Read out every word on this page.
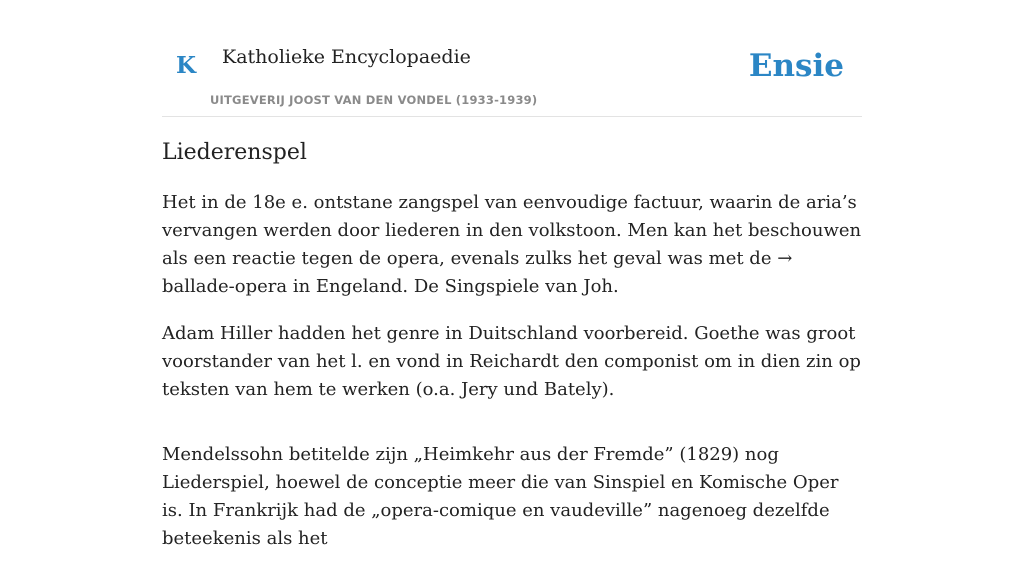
K Katholieke Encyclopaedie
UITGEVERIJ JOOST VAN DEN VONDEL (1933-1939)
Ensie
Liederenspel

Het in de 18e e. ontstane zangspel van eenvoudige factuur, waarin de aria’s vervangen werden door liederen in den volkstoon. Men kan het beschouwen als een reactie tegen de opera, evenals zulks het geval was met de → ballade-opera in Engeland. De Singspiele van Joh.

Adam Hiller hadden het genre in Duitschland voorbereid. Goethe was groot voorstander van het l. en vond in Reichardt den componist om in dien zin op teksten van hem te werken (o.a. Jery und Bately).

Mendelssohn betitelde zijn „Heimkehr aus der Fremde” (1829) nog Liederspiel, hoewel de conceptie meer die van Sinspiel en Komische Oper is. In Frankrijk had de „opera-comique en vaudeville” nagenoeg dezelfde beteekenis als het
